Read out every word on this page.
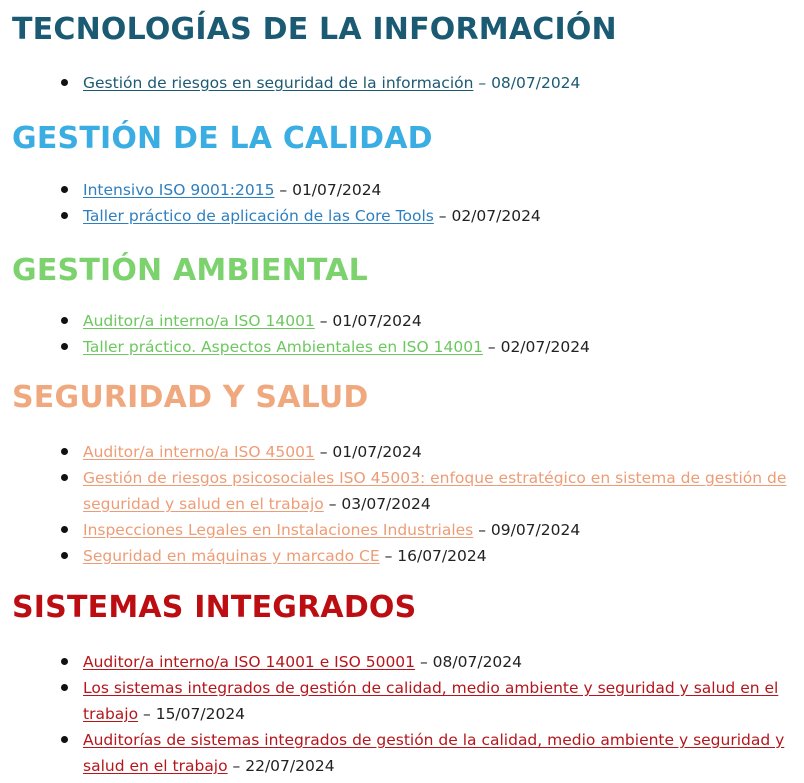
TECNOLOGÍAS DE LA INFORMACIÓN
Gestión de riesgos en seguridad de la información – 08/07/2024
GESTIÓN DE LA CALIDAD
Intensivo ISO 9001:2015 – 01/07/2024
Taller práctico de aplicación de las Core Tools – 02/07/2024
GESTIÓN AMBIENTAL
Auditor/a interno/a ISO 14001 – 01/07/2024
Taller práctico. Aspectos Ambientales en ISO 14001 – 02/07/2024
SEGURIDAD Y SALUD
Auditor/a interno/a ISO 45001 – 01/07/2024
Gestión de riesgos psicosociales ISO 45003: enfoque estratégico en sistema de gestión de seguridad y salud en el trabajo – 03/07/2024
Inspecciones Legales en Instalaciones Industriales – 09/07/2024
Seguridad en máquinas y marcado CE – 16/07/2024
SISTEMAS INTEGRADOS
Auditor/a interno/a ISO 14001 e ISO 50001 – 08/07/2024
Los sistemas integrados de gestión de calidad, medio ambiente y seguridad y salud en el trabajo – 15/07/2024
Auditorías de sistemas integrados de gestión de la calidad, medio ambiente y seguridad y salud en el trabajo – 22/07/2024
